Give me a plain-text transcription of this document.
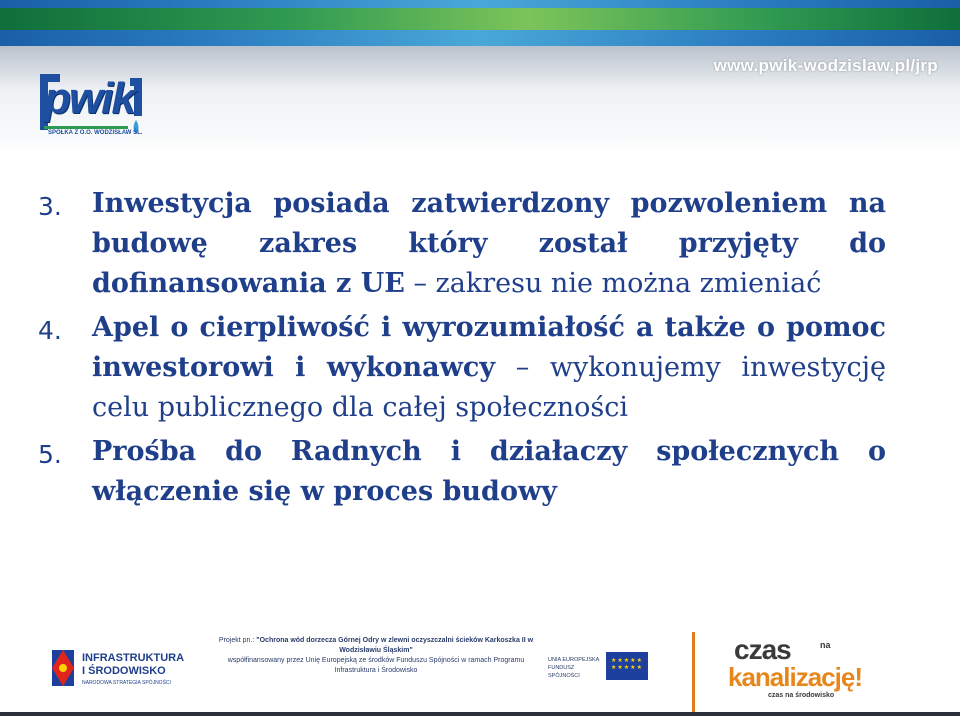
www.pwik-wodzislaw.pl/jrp
pwik
SPÓŁKA Z O.O. WODZISŁAW ŚL.
3.	Inwestycja posiada zatwierdzony pozwoleniem na budowę zakres który został przyjęty do dofinansowania z UE – zakresu nie można zmieniać
4.	Apel o cierpliwość i wyrozumiałość a także o pomoc inwestorowi i wykonawcy – wykonujemy inwestycję celu publicznego dla całej społeczności
5.	Prośba do Radnych i działaczy społecznych o włączenie się w proces budowy
INFRASTRUKTURA
I ŚRODOWISKO
NARODOWA STRATEGIA SPÓJNOŚCI
Projekt pn.: "Ochrona wód dorzecza Górnej Odry w zlewni oczyszczalni ścieków Karkoszka II w Wodzisławiu Śląskim"
współfinansowany przez Unię Europejską ze środków Funduszu Spójności w ramach Programu Infrastruktura i Środowisko
UNIA EUROPEJSKA
FUNDUSZ SPÓJNOŚCI
★★★★★
★★★★★
czas	na
kanalizację!
czas na środowisko
